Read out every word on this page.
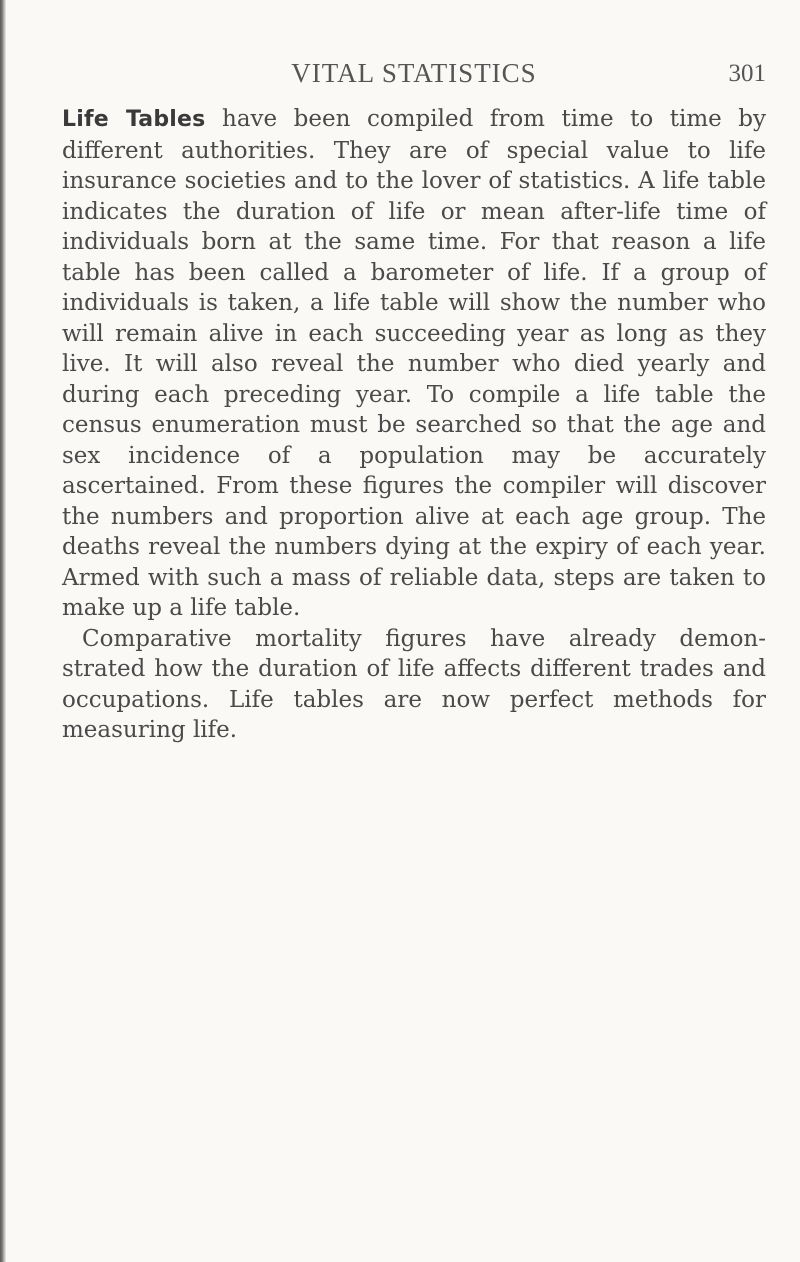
VITAL STATISTICS	301

Life Tables have been compiled from time to time by different authorities. They are of special value to life insurance societies and to the lover of statistics. A life table indicates the duration of life or mean after-life time of individuals born at the same time. For that reason a life table has been called a barometer of life. If a group of individuals is taken, a life table will show the number who will remain alive in each succeeding year as long as they live. It will also reveal the number who died yearly and during each preceding year. To compile a life table the census enumeration must be searched so that the age and sex incidence of a population may be accurately ascertained. From these figures the compiler will discover the numbers and proportion alive at each age group. The deaths reveal the numbers dying at the expiry of each year. Armed with such a mass of reliable data, steps are taken to make up a life table.

Comparative mortality figures have already demon-strated how the duration of life affects different trades and occupations. Life tables are now perfect methods for measuring life.
